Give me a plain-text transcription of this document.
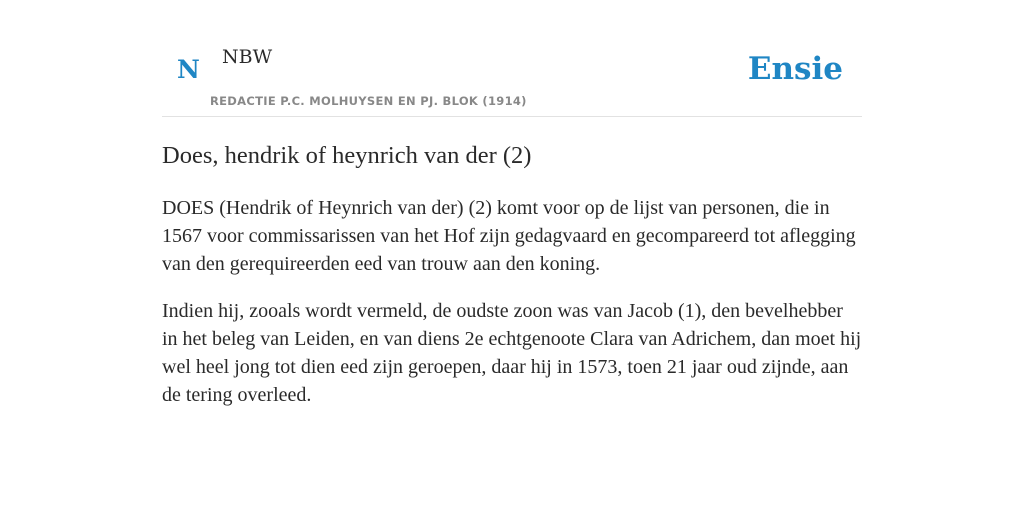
N NBW
REDACTIE P.C. MOLHUYSEN EN PJ. BLOK (1914)
Ensie
Does, hendrik of heynrich van der (2)

DOES (Hendrik of Heynrich van der) (2) komt voor op de lijst van personen, die in 1567 voor commissarissen van het Hof zijn gedagvaard en gecompareerd tot aflegging van den gerequireerden eed van trouw aan den koning.

Indien hij, zooals wordt vermeld, de oudste zoon was van Jacob (1), den bevelhebber in het beleg van Leiden, en van diens 2e echtgenoote Clara van Adrichem, dan moet hij wel heel jong tot dien eed zijn geroepen, daar hij in 1573, toen 21 jaar oud zijnde, aan de tering overleed.
